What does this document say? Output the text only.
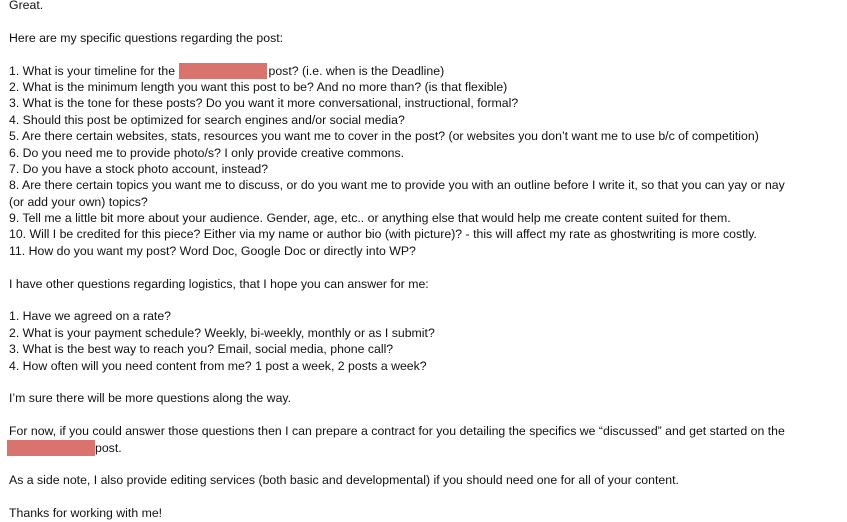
Great.
Here are my specific questions regarding the post:
1. What is your timeline for the	post? (i.e. when is the Deadline)
2. What is the minimum length you want this post to be? And no more than? (is that flexible)
3. What is the tone for these posts? Do you want it more conversational, instructional, formal?
4. Should this post be optimized for search engines and/or social media?
5. Are there certain websites, stats, resources you want me to cover in the post? (or websites you don’t want me to use b/c of competition)
6. Do you need me to provide photo/s? I only provide creative commons.
7. Do you have a stock photo account, instead?
8. Are there certain topics you want me to discuss, or do you want me to provide you with an outline before I write it, so that you can yay or nay
(or add your own) topics?
9. Tell me a little bit more about your audience. Gender, age, etc.. or anything else that would help me create content suited for them.
10. Will I be credited for this piece? Either via my name or author bio (with picture)? - this will affect my rate as ghostwriting is more costly.
11. How do you want my post? Word Doc, Google Doc or directly into WP?
I have other questions regarding logistics, that I hope you can answer for me:
1. Have we agreed on a rate?
2. What is your payment schedule? Weekly, bi-weekly, monthly or as I submit?
3. What is the best way to reach you? Email, social media, phone call?
4. How often will you need content from me? 1 post a week, 2 posts a week?
I’m sure there will be more questions along the way.
For now, if you could answer those questions then I can prepare a contract for you detailing the specifics we “discussed” and get started on the
post.
As a side note, I also provide editing services (both basic and developmental) if you should need one for all of your content.
Thanks for working with me!
